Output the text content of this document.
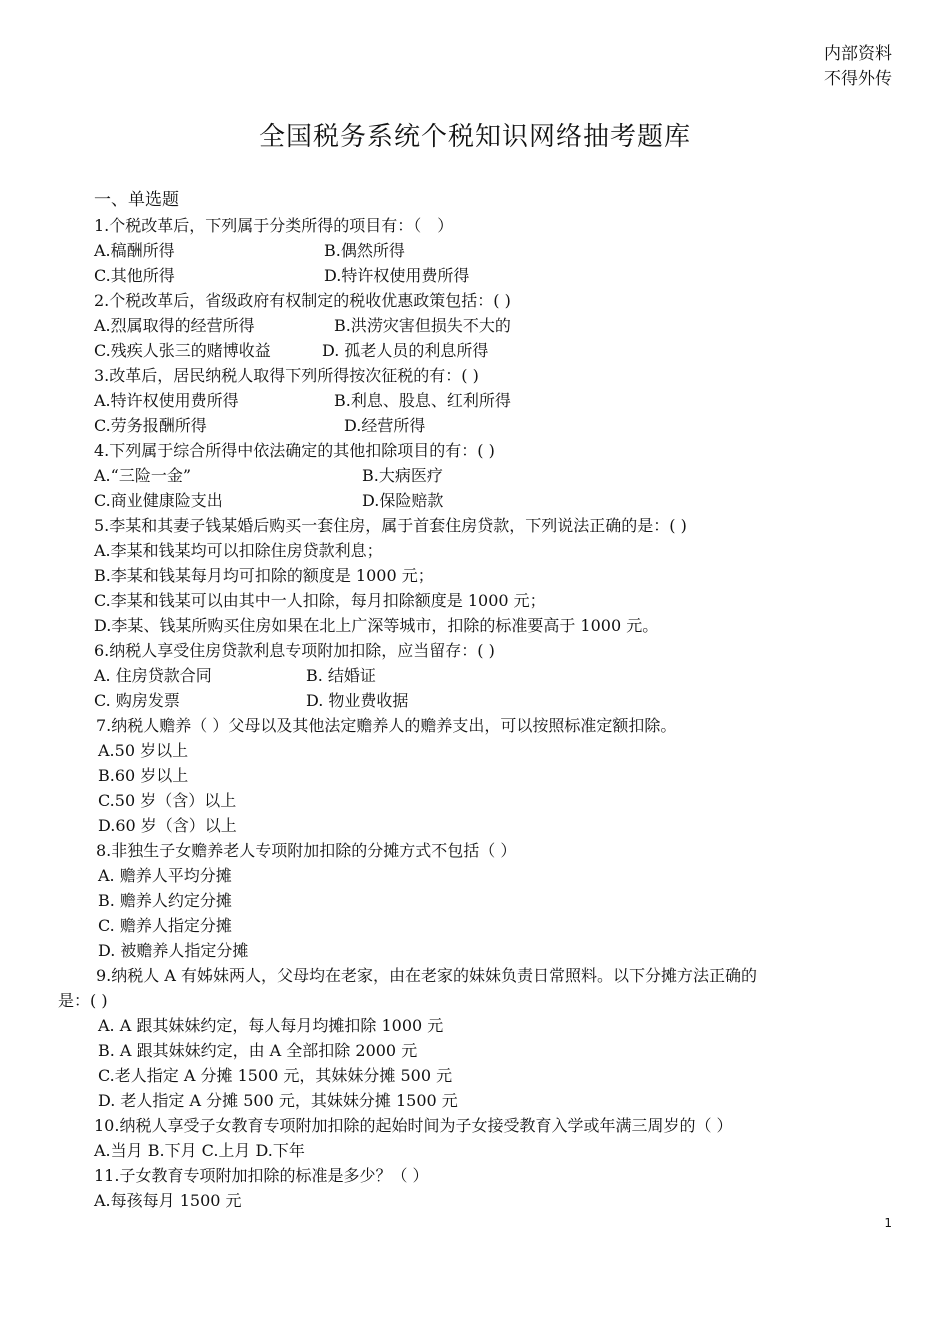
内部资料
不得外传
全国税务系统个税知识网络抽考题库
一、单选题
1.个税改革后，下列属于分类所得的项目有：（　）
A.稿酬所得	B.偶然所得
C.其他所得	D.特许权使用费所得
2.个税改革后，省级政府有权制定的税收优惠政策包括：( )
A.烈属取得的经营所得	B.洪涝灾害但损失不大的
C.残疾人张三的赌博收益	D. 孤老人员的利息所得
3.改革后，居民纳税人取得下列所得按次征税的有：( )
A.特许权使用费所得	B.利息、股息、红利所得
C.劳务报酬所得	D.经营所得
4.下列属于综合所得中依法确定的其他扣除项目的有：( )
A.“三险一金”	B.大病医疗
C.商业健康险支出	D.保险赔款
5.李某和其妻子钱某婚后购买一套住房，属于首套住房贷款，下列说法正确的是：( )
A.李某和钱某均可以扣除住房贷款利息；
B.李某和钱某每月均可扣除的额度是 1000 元；
C.李某和钱某可以由其中一人扣除，每月扣除额度是 1000 元；
D.李某、钱某所购买住房如果在北上广深等城市，扣除的标准要高于 1000 元。
6.纳税人享受住房贷款利息专项附加扣除，应当留存：( )
A. 住房贷款合同	B. 结婚证
C. 购房发票	D. 物业费收据
7.纳税人赡养（ ）父母以及其他法定赡养人的赡养支出，可以按照标准定额扣除。
A.50 岁以上
B.60 岁以上
C.50 岁（含）以上
D.60 岁（含）以上
8.非独生子女赡养老人专项附加扣除的分摊方式不包括（ ）
A. 赡养人平均分摊
B. 赡养人约定分摊
C. 赡养人指定分摊
D. 被赡养人指定分摊
9.纳税人 A 有姊妹两人，父母均在老家，由在老家的妹妹负责日常照料。以下分摊方法正确的
是：( )
A. A 跟其妹妹约定，每人每月均摊扣除 1000 元
B. A 跟其妹妹约定，由 A 全部扣除 2000 元
C.老人指定 A 分摊 1500 元，其妹妹分摊 500 元
D. 老人指定 A 分摊 500 元，其妹妹分摊 1500 元
10.纳税人享受子女教育专项附加扣除的起始时间为子女接受教育入学或年满三周岁的（ ）
A.当月 B.下月 C.上月 D.下年
11.子女教育专项附加扣除的标准是多少？（ ）
A.每孩每月 1500 元
1
